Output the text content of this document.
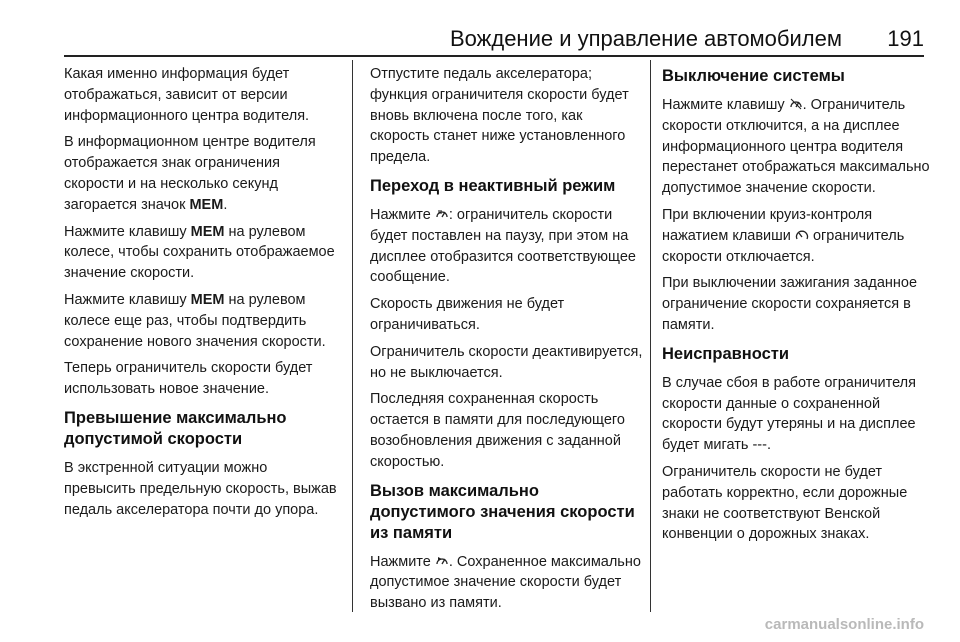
Вождение и управление автомобилем 191

Какая именно информация будет отображаться, зависит от версии информационного центра водителя.

В информационном центре водителя отображается знак ограничения скорости и на несколько секунд загорается значок MEM.

Нажмите клавишу MEM на рулевом колесе, чтобы сохранить отображаемое значение скорости.

Нажмите клавишу MEM на рулевом колесе еще раз, чтобы подтвердить сохранение нового значения скорости.

Теперь ограничитель скорости будет использовать новое значение.

Превышение максимально допустимой скорости

В экстренной ситуации можно превысить предельную скорость, выжав педаль акселератора почти до упора.

Отпустите педаль акселератора; функция ограничителя скорости будет вновь включена после того, как скорость станет ниже установленного предела.

Переход в неактивный режим

Нажмите : ограничитель скорости будет поставлен на паузу, при этом на дисплее отобразится соответствующее сообщение.

Скорость движения не будет ограничиваться.

Ограничитель скорости деактивируется, но не выключается.

Последняя сохраненная скорость остается в памяти для последующего возобновления движения с заданной скоростью.

Вызов максимально допустимого значения скорости из памяти

Нажмите . Сохраненное максимально допустимое значение скорости будет вызвано из памяти.

Выключение системы

Нажмите клавишу . Ограничитель скорости отключится, а на дисплее информационного центра водителя перестанет отображаться максимально допустимое значение скорости.

При включении круиз-контроля нажатием клавиши  ограничитель скорости отключается.

При выключении зажигания заданное ограничение скорости сохраняется в памяти.

Неисправности

В случае сбоя в работе ограничителя скорости данные о сохраненной скорости будут утеряны и на дисплее будет мигать ---.

Ограничитель скорости не будет работать корректно, если дорожные знаки не соответствуют Венской конвенции о дорожных знаках.

carmanualsonline.info
